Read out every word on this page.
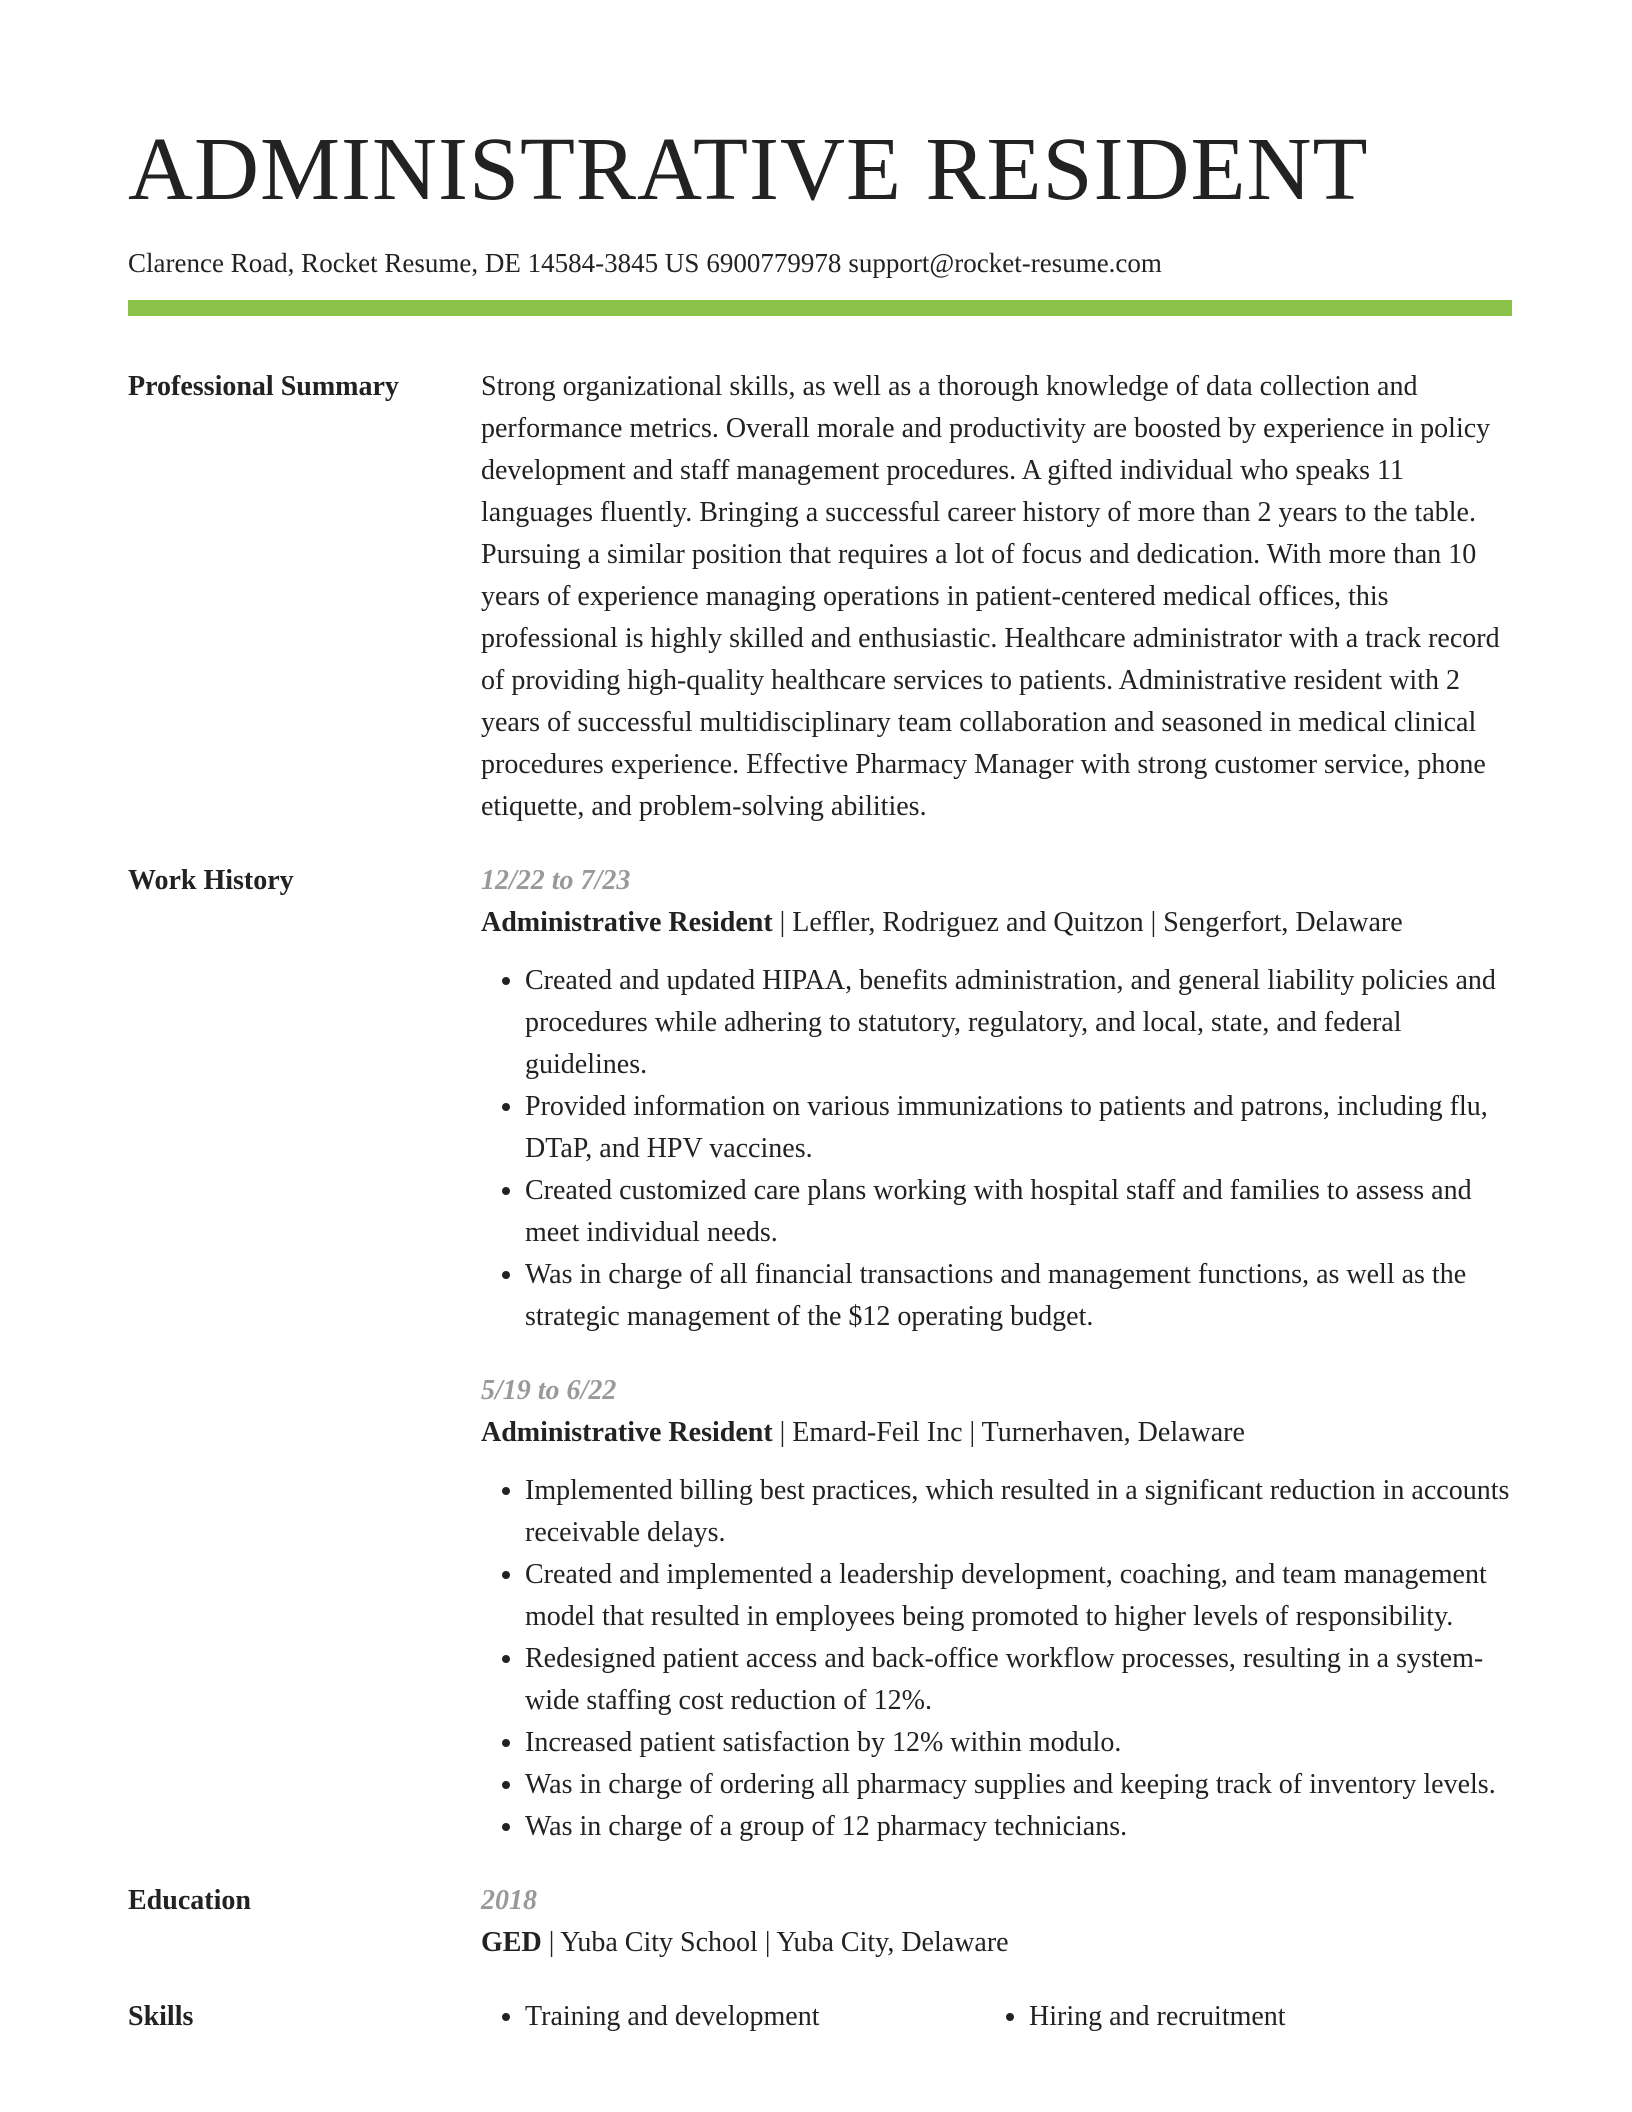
ADMINISTRATIVE RESIDENT
Clarence Road, Rocket Resume, DE 14584-3845 US 6900779978 support@rocket-resume.com
Professional Summary	Strong organizational skills, as well as a thorough knowledge of data collection and performance metrics. Overall morale and productivity are boosted by experience in policy development and staff management procedures. A gifted individual who speaks 11 languages fluently. Bringing a successful career history of more than 2 years to the table. Pursuing a similar position that requires a lot of focus and dedication. With more than 10 years of experience managing operations in patient-centered medical offices, this professional is highly skilled and enthusiastic. Healthcare administrator with a track record of providing high-quality healthcare services to patients. Administrative resident with 2 years of successful multidisciplinary team collaboration and seasoned in medical clinical procedures experience. Effective Pharmacy Manager with strong customer service, phone etiquette, and problem-solving abilities.
Work History	12/22 to 7/23
Administrative Resident | Leffler, Rodriguez and Quitzon | Sengerfort, Delaware
• Created and updated HIPAA, benefits administration, and general liability policies and procedures while adhering to statutory, regulatory, and local, state, and federal guidelines.
• Provided information on various immunizations to patients and patrons, including flu, DTaP, and HPV vaccines.
• Created customized care plans working with hospital staff and families to assess and meet individual needs.
• Was in charge of all financial transactions and management functions, as well as the strategic management of the $12 operating budget.
5/19 to 6/22
Administrative Resident | Emard-Feil Inc | Turnerhaven, Delaware
• Implemented billing best practices, which resulted in a significant reduction in accounts receivable delays.
• Created and implemented a leadership development, coaching, and team management model that resulted in employees being promoted to higher levels of responsibility.
• Redesigned patient access and back-office workflow processes, resulting in a system-wide staffing cost reduction of 12%.
• Increased patient satisfaction by 12% within modulo.
• Was in charge of ordering all pharmacy supplies and keeping track of inventory levels.
• Was in charge of a group of 12 pharmacy technicians.
Education	2018
GED | Yuba City School | Yuba City, Delaware
Skills	• Training and development	• Hiring and recruitment
